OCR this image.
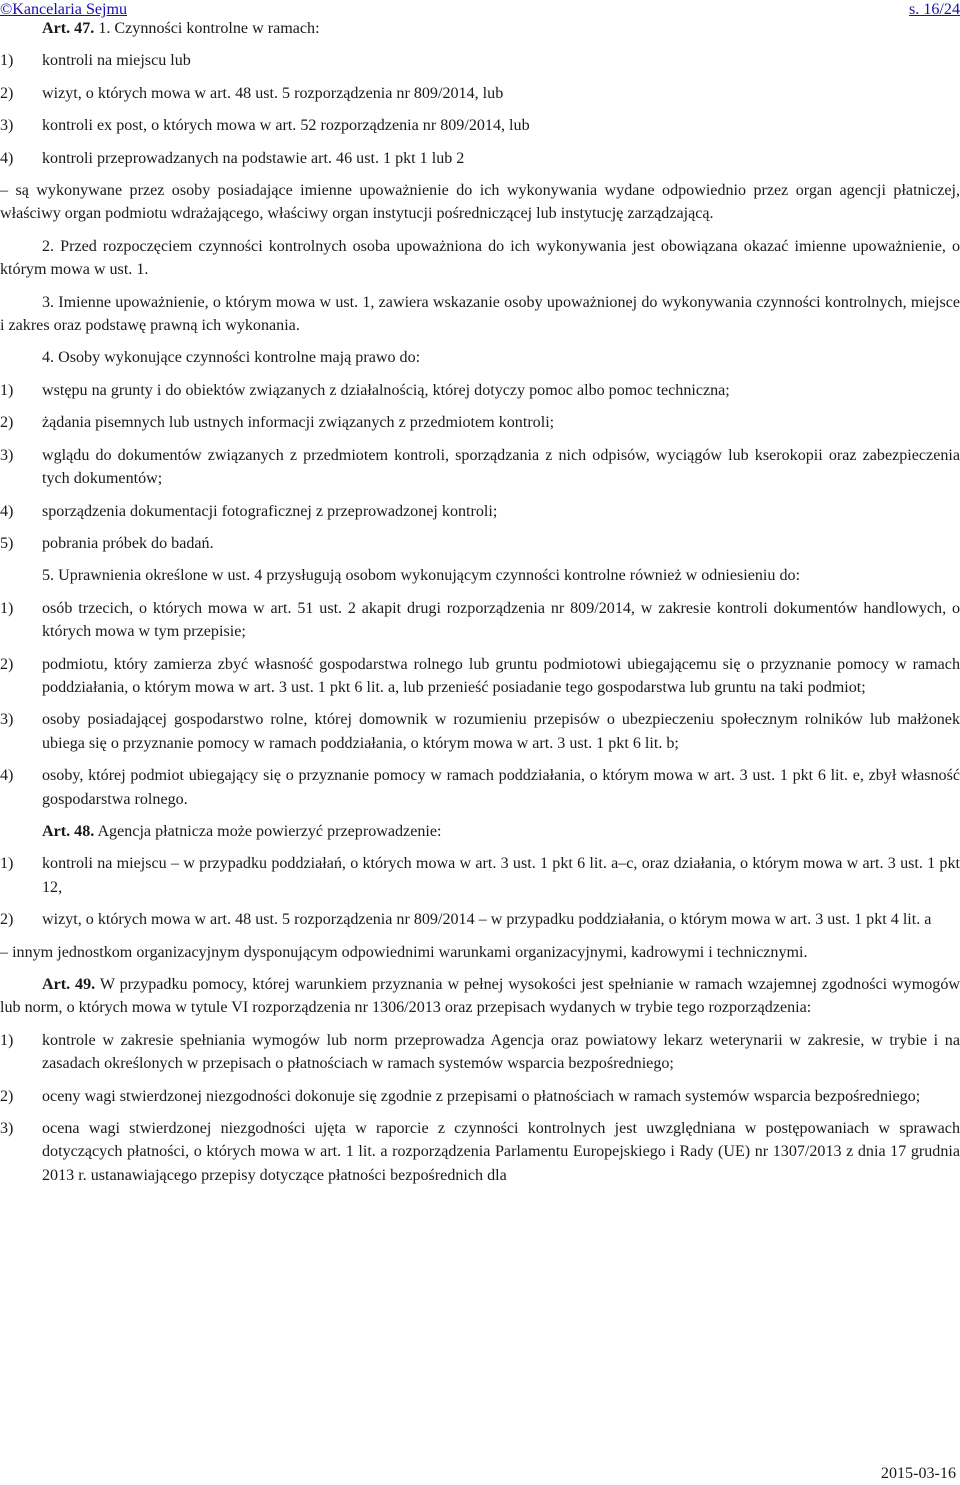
©Kancelaria Sejmu	s. 16/24
Art. 47. 1. Czynności kontrolne w ramach:
1)	kontroli na miejscu lub
2)	wizyt, o których mowa w art. 48 ust. 5 rozporządzenia nr 809/2014, lub
3)	kontroli ex post, o których mowa w art. 52 rozporządzenia nr 809/2014, lub
4)	kontroli przeprowadzanych na podstawie art. 46 ust. 1 pkt 1 lub 2
– są wykonywane przez osoby posiadające imienne upoważnienie do ich wykonywania wydane odpowiednio przez organ agencji płatniczej, właściwy organ podmiotu wdrażającego, właściwy organ instytucji pośredniczącej lub instytucję zarządzającą.
2. Przed rozpoczęciem czynności kontrolnych osoba upoważniona do ich wykonywania jest obowiązana okazać imienne upoważnienie, o którym mowa w ust. 1.
3. Imienne upoważnienie, o którym mowa w ust. 1, zawiera wskazanie osoby upoważnionej do wykonywania czynności kontrolnych, miejsce i zakres oraz podstawę prawną ich wykonania.
4. Osoby wykonujące czynności kontrolne mają prawo do:
1)	wstępu na grunty i do obiektów związanych z działalnością, której dotyczy pomoc albo pomoc techniczna;
2)	żądania pisemnych lub ustnych informacji związanych z przedmiotem kontroli;
3)	wglądu do dokumentów związanych z przedmiotem kontroli, sporządzania z nich odpisów, wyciągów lub kserokopii oraz zabezpieczenia tych dokumentów;
4)	sporządzenia dokumentacji fotograficznej z przeprowadzonej kontroli;
5)	pobrania próbek do badań.
5. Uprawnienia określone w ust. 4 przysługują osobom wykonującym czynności kontrolne również w odniesieniu do:
1)	osób trzecich, o których mowa w art. 51 ust. 2 akapit drugi rozporządzenia nr 809/2014, w zakresie kontroli dokumentów handlowych, o których mowa w tym przepisie;
2)	podmiotu, który zamierza zbyć własność gospodarstwa rolnego lub gruntu podmiotowi ubiegającemu się o przyznanie pomocy w ramach poddziałania, o którym mowa w art. 3 ust. 1 pkt 6 lit. a, lub przenieść posiadanie tego gospodarstwa lub gruntu na taki podmiot;
3)	osoby posiadającej gospodarstwo rolne, której domownik w rozumieniu przepisów o ubezpieczeniu społecznym rolników lub małżonek ubiega się o przyznanie pomocy w ramach poddziałania, o którym mowa w art. 3 ust. 1 pkt 6 lit. b;
4)	osoby, której podmiot ubiegający się o przyznanie pomocy w ramach poddziałania, o którym mowa w art. 3 ust. 1 pkt 6 lit. e, zbył własność gospodarstwa rolnego.
Art. 48. Agencja płatnicza może powierzyć przeprowadzenie:
1)	kontroli na miejscu – w przypadku poddziałań, o których mowa w art. 3 ust. 1 pkt 6 lit. a–c, oraz działania, o którym mowa w art. 3 ust. 1 pkt 12,
2)	wizyt, o których mowa w art. 48 ust. 5 rozporządzenia nr 809/2014 – w przypadku poddziałania, o którym mowa w art. 3 ust. 1 pkt 4 lit. a
– innym jednostkom organizacyjnym dysponującym odpowiednimi warunkami organizacyjnymi, kadrowymi i technicznymi.
Art. 49. W przypadku pomocy, której warunkiem przyznania w pełnej wysokości jest spełnianie w ramach wzajemnej zgodności wymogów lub norm, o których mowa w tytule VI rozporządzenia nr 1306/2013 oraz przepisach wydanych w trybie tego rozporządzenia:
1)	kontrole w zakresie spełniania wymogów lub norm przeprowadza Agencja oraz powiatowy lekarz weterynarii w zakresie, w trybie i na zasadach określonych w przepisach o płatnościach w ramach systemów wsparcia bezpośredniego;
2)	oceny wagi stwierdzonej niezgodności dokonuje się zgodnie z przepisami o płatnościach w ramach systemów wsparcia bezpośredniego;
3)	ocena wagi stwierdzonej niezgodności ujęta w raporcie z czynności kontrolnych jest uwzględniana w postępowaniach w sprawach dotyczących płatności, o których mowa w art. 1 lit. a rozporządzenia Parlamentu Europejskiego i Rady (UE) nr 1307/2013 z dnia 17 grudnia 2013 r. ustanawiającego przepisy dotyczące płatności bezpośrednich dla
2015-03-16
